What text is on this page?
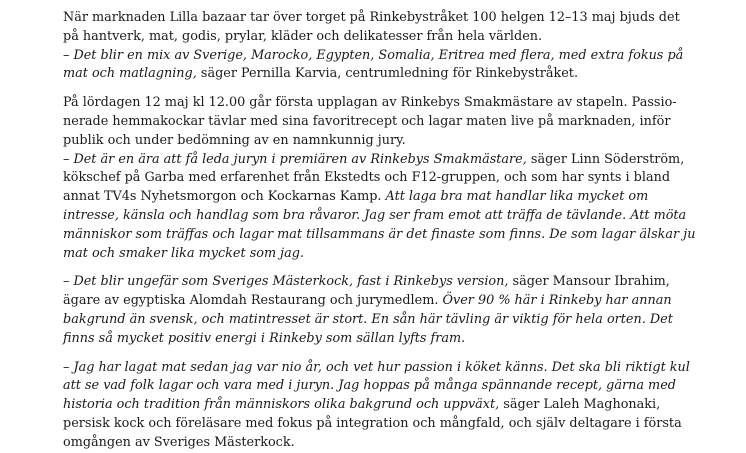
När marknaden Lilla bazaar tar över torget på Rinkebystråket 100 helgen 12–13 maj bjuds det
på hantverk, mat, godis, prylar, kläder och delikatesser från hela världen.
– Det blir en mix av Sverige, Marocko, Egypten, Somalia, Eritrea med flera, med extra fokus på
mat och matlagning, säger Pernilla Karvia, centrumledning för Rinkebystråket.

På lördagen 12 maj kl 12.00 går första upplagan av Rinkebys Smakmästare av stapeln. Passio-
nerade hemmakockar tävlar med sina favoritrecept och lagar maten live på marknaden, inför
publik och under bedömning av en namnkunnig jury.
– Det är en ära att få leda juryn i premiären av Rinkebys Smakmästare, säger Linn Söderström,
kökschef på Garba med erfarenhet från Ekstedts och F12-gruppen, och som har synts i bland
annat TV4s Nyhetsmorgon och Kockarnas Kamp. Att laga bra mat handlar lika mycket om
intresse, känsla och handlag som bra råvaror. Jag ser fram emot att träffa de tävlande. Att möta
människor som träffas och lagar mat tillsammans är det finaste som finns. De som lagar älskar ju
mat och smaker lika mycket som jag.

– Det blir ungefär som Sveriges Mästerkock, fast i Rinkebys version, säger Mansour Ibrahim,
ägare av egyptiska Alomdah Restaurang och jurymedlem. Över 90 % här i Rinkeby har annan
bakgrund än svensk, och matintresset är stort. En sån här tävling är viktig för hela orten. Det
finns så mycket positiv energi i Rinkeby som sällan lyfts fram.

– Jag har lagat mat sedan jag var nio år, och vet hur passion i köket känns. Det ska bli riktigt kul
att se vad folk lagar och vara med i juryn. Jag hoppas på många spännande recept, gärna med
historia och tradition från människors olika bakgrund och uppväxt, säger Laleh Maghonaki,
persisk kock och föreläsare med fokus på integration och mångfald, och själv deltagare i första
omgången av Sveriges Mästerkock.
